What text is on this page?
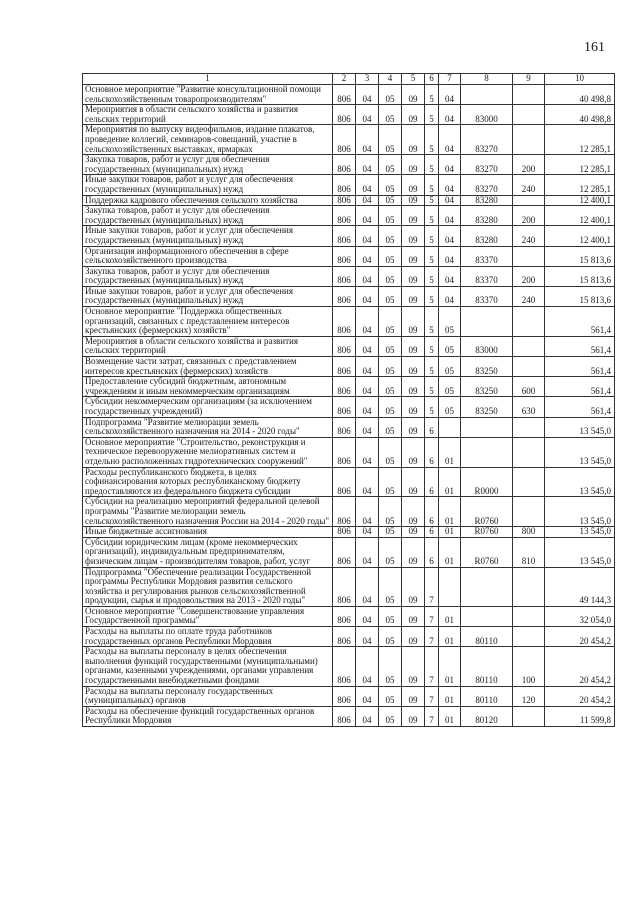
161
1	2	3	4	5	6	7	8	9	10
Основное мероприятие "Развитие консультационной помощи сельскохозяйственным товаропроизводителям"	806	04	05	09	5	04			40 498,8
Мероприятия в области сельского хозяйства и развития сельских территорий	806	04	05	09	5	04	83000		40 498,8
Мероприятия по выпуску видеофильмов, издание плакатов, проведение коллегий, семинаров-совещаний, участие в сельскохозяйственных выставках, ярмарках	806	04	05	09	5	04	83270		12 285,1
Закупка товаров, работ и услуг для обеспечения государственных (муниципальных) нужд	806	04	05	09	5	04	83270	200	12 285,1
Иные закупки товаров, работ и услуг для обеспечения государственных (муниципальных) нужд	806	04	05	09	5	04	83270	240	12 285,1
Поддержка кадрового обеспечения сельского хозяйства	806	04	05	09	5	04	83280		12 400,1
Закупка товаров, работ и услуг для обеспечения государственных (муниципальных) нужд	806	04	05	09	5	04	83280	200	12 400,1
Иные закупки товаров, работ и услуг для обеспечения государственных (муниципальных) нужд	806	04	05	09	5	04	83280	240	12 400,1
Организация информационного обеспечения в сфере сельскохозяйственного производства	806	04	05	09	5	04	83370		15 813,6
Закупка товаров, работ и услуг для обеспечения государственных (муниципальных) нужд	806	04	05	09	5	04	83370	200	15 813,6
Иные закупки товаров, работ и услуг для обеспечения государственных (муниципальных) нужд	806	04	05	09	5	04	83370	240	15 813,6
Основное мероприятие "Поддержка общественных организаций, связанных с представлением интересов крестьянских (фермерских) хозяйств"	806	04	05	09	5	05			561,4
Мероприятия в области сельского хозяйства и развития сельских территорий	806	04	05	09	5	05	83000		561,4
Возмещение части затрат, связанных с представлением интересов крестьянских (фермерских) хозяйств	806	04	05	09	5	05	83250		561,4
Предоставление субсидий бюджетным, автономным учреждениям и иным некоммерческим организациям	806	04	05	09	5	05	83250	600	561,4
Субсидии некоммерческим организациям (за исключением государственных учреждений)	806	04	05	09	5	05	83250	630	561,4
Подпрограмма "Развитие мелиорации земель сельскохозяйственного назначения на 2014 - 2020 годы"	806	04	05	09	6				13 545,0
Основное мероприятие "Строительство, реконструкция и техническое перевооружение мелиоративных систем и отдельно расположенных гидротехнических сооружений"	806	04	05	09	6	01			13 545,0
Расходы республиканского бюджета, в целях софинансирования которых республиканскому бюджету предоставляются из федерального бюджета субсидии	806	04	05	09	6	01	R0000		13 545,0
Субсидии на реализацию мероприятий федеральной целевой программы "Развитие мелиорации земель сельскохозяйственного назначения России на 2014 - 2020 годы"	806	04	05	09	6	01	R0760		13 545,0
Иные бюджетные ассигнования	806	04	05	09	6	01	R0760	800	13 545,0
Субсидии юридическим лицам (кроме некоммерческих организаций), индивидуальным предпринимателям, физическим лицам - производителям товаров, работ, услуг	806	04	05	09	6	01	R0760	810	13 545,0
Подпрограмма "Обеспечение реализации Государственной программы Республики Мордовия развития сельского хозяйства и регулирования рынков сельскохозяйственной продукции, сырья и продовольствия на 2013 - 2020 годы"	806	04	05	09	7				49 144,3
Основное мероприятие "Совершенствование управления Государственной программы"	806	04	05	09	7	01			32 054,0
Расходы на выплаты по оплате труда работников государственных органов Республики Мордовия	806	04	05	09	7	01	80110		20 454,2
Расходы на выплаты персоналу в целях обеспечения выполнения функций государственными (муниципальными) органами, казенными учреждениями, органами управления государственными внебюджетными фондами	806	04	05	09	7	01	80110	100	20 454,2
Расходы на выплаты персоналу государственных (муниципальных) органов	806	04	05	09	7	01	80110	120	20 454,2
Расходы на обеспечение функций государственных органов Республики Мордовия	806	04	05	09	7	01	80120		11 599,8
